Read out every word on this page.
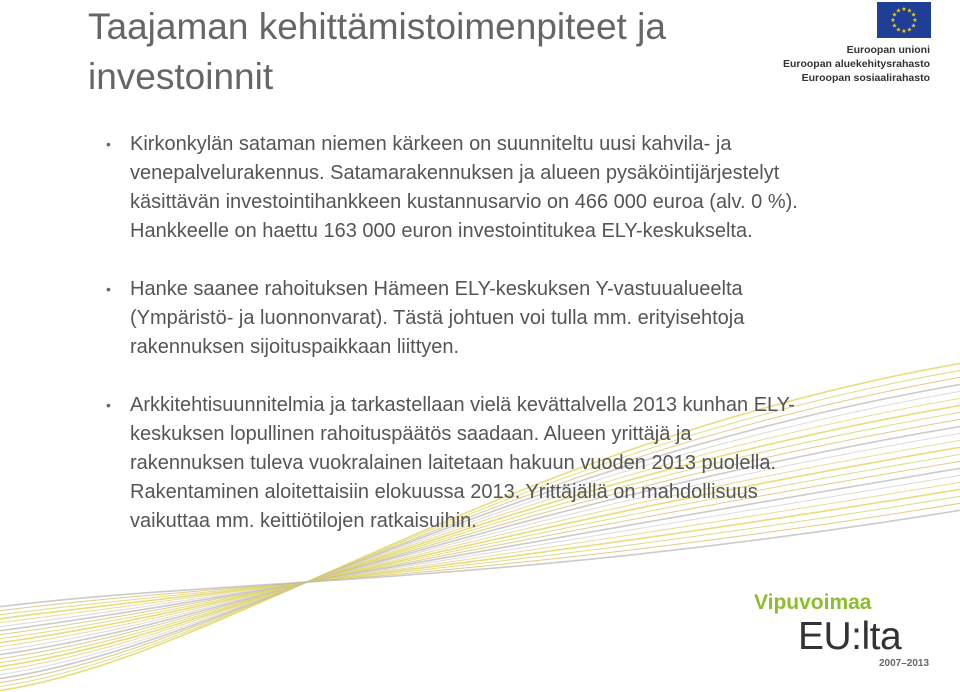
Taajaman kehittämistoimenpiteet ja investoinnit
★ ★
★
★
★
★
★
★
★
★
★
★
Euroopan unioni
Euroopan aluekehitysrahasto
Euroopan sosiaalirahasto
• Kirkonkylän sataman niemen kärkeen on suunniteltu uusi kahvila- ja venepalvelurakennus. Satamarakennuksen ja alueen pysäköintijärjestelyt käsittävän investointihankkeen kustannusarvio on 466 000 euroa (alv. 0 %). Hankkeelle on haettu 163 000 euron investointitukea ELY-keskukselta.
• Hanke saanee rahoituksen Hämeen ELY-keskuksen Y-vastuualueelta (Ympäristö- ja luonnonvarat). Tästä johtuen voi tulla mm. erityisehtoja rakennuksen sijoituspaikkaan liittyen.
• Arkkitehtisuunnitelmia ja tarkastellaan vielä kevättalvella 2013 kunhan ELY-keskuksen lopullinen rahoituspäätös saadaan. Alueen yrittäjä ja rakennuksen tuleva vuokralainen laitetaan hakuun vuoden 2013 puolella. Rakentaminen aloitettaisiin elokuussa 2013. Yrittäjällä on mahdollisuus vaikuttaa mm. keittiötilojen ratkaisuihin.
Vipuvoimaa
EU:lta
2007–2013
